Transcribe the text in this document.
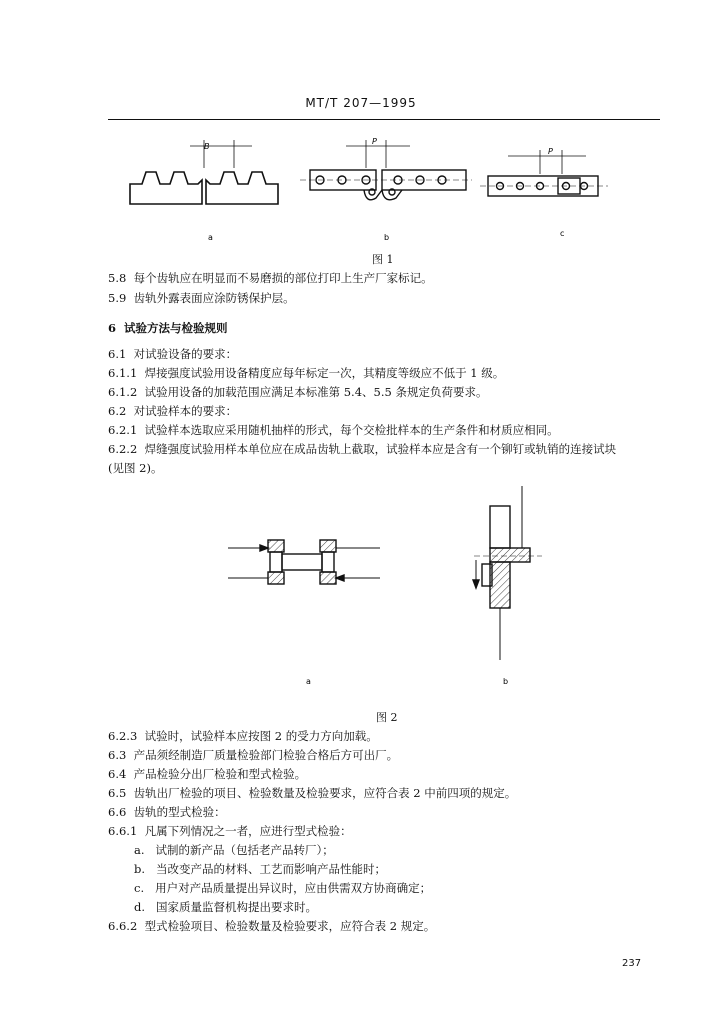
MT/T 207—1995
B
P
P
a	b	c
图 1
5.8 每个齿轨应在明显而不易磨损的部位打印上生产厂家标记。
5.9 齿轨外露表面应涂防锈保护层。
6 试验方法与检验规则
6.1 对试验设备的要求：
6.1.1 焊接强度试验用设备精度应每年标定一次，其精度等级应不低于 1 级。
6.1.2 试验用设备的加载范围应满足本标准第 5.4、5.5 条规定负荷要求。
6.2 对试验样本的要求：
6.2.1 试验样本选取应采用随机抽样的形式，每个交检批样本的生产条件和材质应相同。
6.2.2 焊缝强度试验用样本单位应在成品齿轨上截取，试验样本应是含有一个铆钉或轨销的连接试块
(见图 2)。
a	b
图 2
6.2.3 试验时，试验样本应按图 2 的受力方向加载。
6.3 产品须经制造厂质量检验部门检验合格后方可出厂。
6.4 产品检验分出厂检验和型式检验。
6.5 齿轨出厂检验的项目、检验数量及检验要求，应符合表 2 中前四项的规定。
6.6 齿轨的型式检验：
6.6.1 凡属下列情况之一者，应进行型式检验：
a. 试制的新产品（包括老产品转厂）；
b. 当改变产品的材料、工艺而影响产品性能时；
c. 用户对产品质量提出异议时，应由供需双方协商确定；
d. 国家质量监督机构提出要求时。
6.6.2 型式检验项目、检验数量及检验要求，应符合表 2 规定。
237
